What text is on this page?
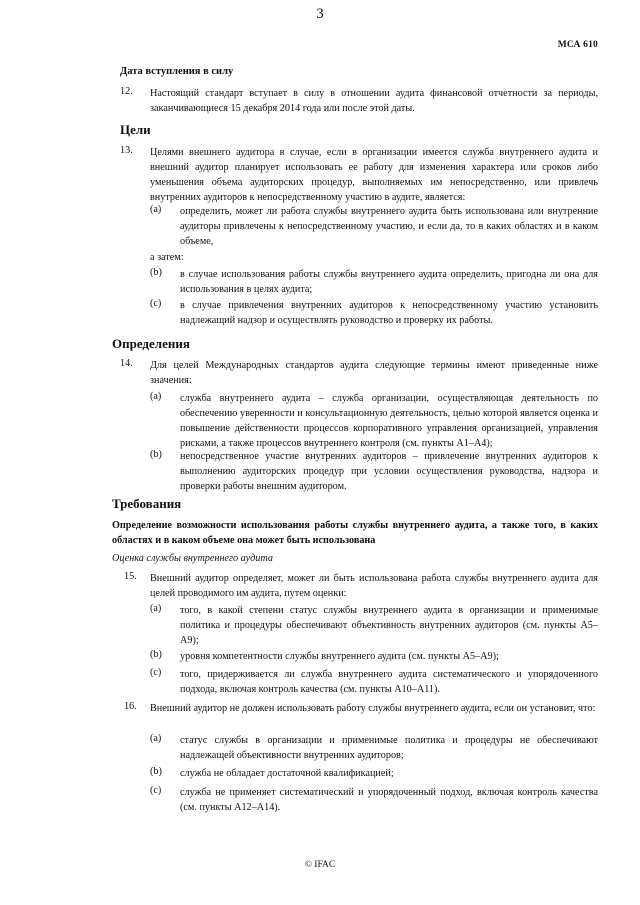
3
МСА 610
Дата вступления в силу
12. Настоящий стандарт вступает в силу в отношении аудита финансовой отчетности за периоды, заканчивающиеся 15 декабря 2014 года или после этой даты.
Цели
13. Целями внешнего аудитора в случае, если в организации имеется служба внутреннего аудита и внешний аудитор планирует использовать ее работу для изменения характера или сроков либо уменьшения объема аудиторских процедур, выполняемых им непосредственно, или привлечь внутренних аудиторов к непосредственному участию в аудите, является:
(a) определить, может ли работа службы внутреннего аудита быть использована или внутренние аудиторы привлечены к непосредственному участию, и если да, то в каких областях и в каком объеме,
а затем:
(b) в случае использования работы службы внутреннего аудита определить, пригодна ли она для использования в целях аудита;
(c) в случае привлечения внутренних аудиторов к непосредственному участию установить надлежащий надзор и осуществлять руководство и проверку их работы.
Определения
14. Для целей Международных стандартов аудита следующие термины имеют приведенные ниже значения:
(a) служба внутреннего аудита – служба организации, осуществляющая деятельность по обеспечению уверенности и консультационную деятельность, целью которой является оценка и повышение действенности процессов корпоративного управления организацией, управления рисками, а также процессов внутреннего контроля (см. пункты А1–А4);
(b) непосредственное участие внутренних аудиторов – привлечение внутренних аудиторов к выполнению аудиторских процедур при условии осуществления руководства, надзора и проверки работы внешним аудитором.
Требования
Определение возможности использования работы службы внутреннего аудита, а также того, в каких областях и в каком объеме она может быть использована
Оценка службы внутреннего аудита
15. Внешний аудитор определяет, может ли быть использована работа службы внутреннего аудита для целей проводимого им аудита, путем оценки:
(a) того, в какой степени статус службы внутреннего аудита в организации и применимые политика и процедуры обеспечивают объективность внутренних аудиторов (см. пункты А5–А9);
(b) уровня компетентности службы внутреннего аудита (см. пункты А5–А9);
(c) того, придерживается ли служба внутреннего аудита систематического и упорядоченного подхода, включая контроль качества (см. пункты А10–А11).
16. Внешний аудитор не должен использовать работу службы внутреннего аудита, если он установит, что:
(a) статус службы в организации и применимые политика и процедуры не обеспечивают надлежащей объективности внутренних аудиторов;
(b) служба не обладает достаточной квалификацией;
(c) служба не применяет систематический и упорядоченный подход, включая контроль качества (см. пункты А12–А14).
© IFAC
